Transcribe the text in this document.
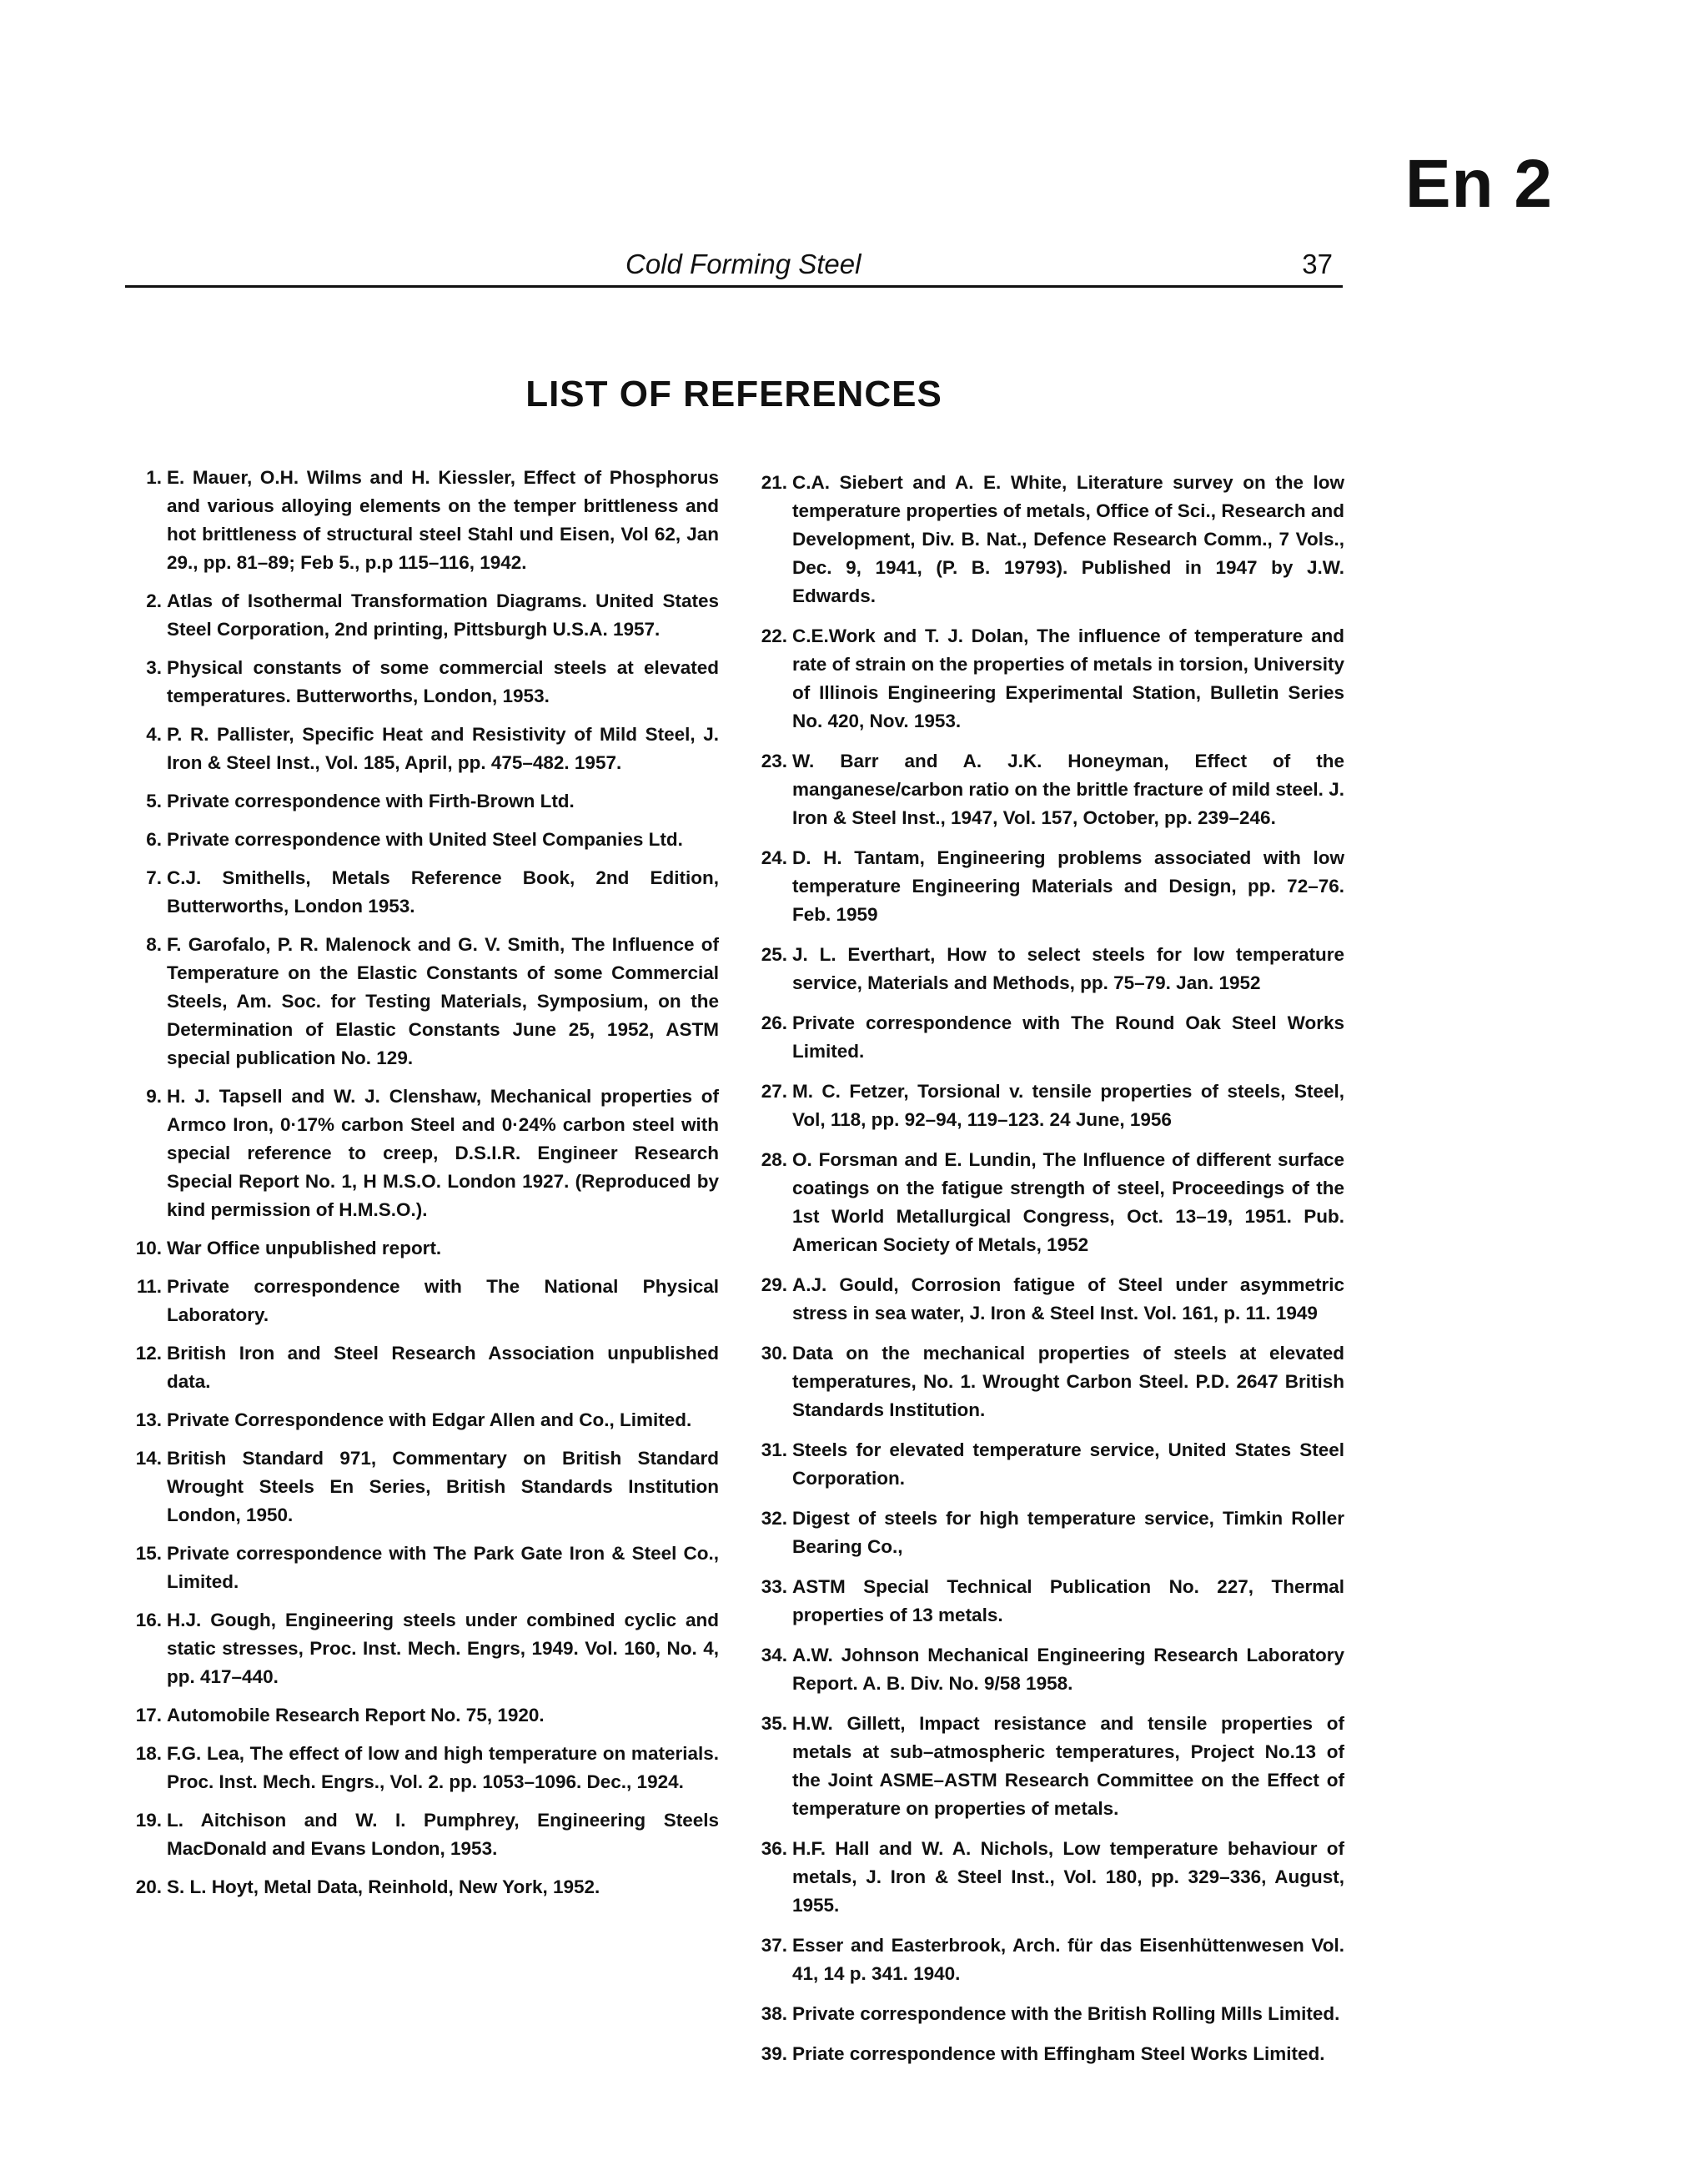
En 2
Cold Forming Steel	37
LIST OF REFERENCES
1. E. Mauer, O.H. Wilms and H. Kiessler, Effect of Phosphorus and various alloying elements on the temper brittleness and hot brittleness of structural steel Stahl und Eisen, Vol 62, Jan 29., pp. 81–89; Feb 5., p.p 115–116, 1942.
2. Atlas of Isothermal Transformation Diagrams. United States Steel Corporation, 2nd printing, Pittsburgh U.S.A. 1957.
3. Physical constants of some commercial steels at elevated temperatures. Butterworths, London, 1953.
4. P. R. Pallister, Specific Heat and Resistivity of Mild Steel, J. Iron & Steel Inst., Vol. 185, April, pp. 475–482. 1957.
5. Private correspondence with Firth-Brown Ltd.
6. Private correspondence with United Steel Companies Ltd.
7. C.J. Smithells, Metals Reference Book, 2nd Edition, Butterworths, London 1953.
8. F. Garofalo, P. R. Malenock and G. V. Smith, The Influence of Temperature on the Elastic Constants of some Commercial Steels, Am. Soc. for Testing Materials, Symposium, on the Determination of Elastic Constants June 25, 1952, ASTM special publication No. 129.
9. H. J. Tapsell and W. J. Clenshaw, Mechanical properties of Armco Iron, 0·17% carbon Steel and 0·24% carbon steel with special reference to creep, D.S.I.R. Engineer Research Special Report No. 1, H M.S.O. London 1927. (Reproduced by kind permission of H.M.S.O.).
10. War Office unpublished report.
11. Private correspondence with The National Physical Laboratory.
12. British Iron and Steel Research Association unpublished data.
13. Private Correspondence with Edgar Allen and Co., Limited.
14. British Standard 971, Commentary on British Standard Wrought Steels En Series, British Standards Institution London, 1950.
15. Private correspondence with The Park Gate Iron & Steel Co., Limited.
16. H.J. Gough, Engineering steels under combined cyclic and static stresses, Proc. Inst. Mech. Engrs, 1949. Vol. 160, No. 4, pp. 417–440.
17. Automobile Research Report No. 75, 1920.
18. F.G. Lea, The effect of low and high temperature on materials. Proc. Inst. Mech. Engrs., Vol. 2. pp. 1053–1096. Dec., 1924.
19. L. Aitchison and W. I. Pumphrey, Engineering Steels MacDonald and Evans London, 1953.
20. S. L. Hoyt, Metal Data, Reinhold, New York, 1952.
21. C.A. Siebert and A. E. White, Literature survey on the low temperature properties of metals, Office of Sci., Research and Development, Div. B. Nat., Defence Research Comm., 7 Vols., Dec. 9, 1941, (P. B. 19793). Published in 1947 by J.W. Edwards.
22. C.E.Work and T. J. Dolan, The influence of temperature and rate of strain on the properties of metals in torsion, University of Illinois Engineering Experimental Station, Bulletin Series No. 420, Nov. 1953.
23. W. Barr and A. J.K. Honeyman, Effect of the manganese/carbon ratio on the brittle fracture of mild steel. J. Iron & Steel Inst., 1947, Vol. 157, October, pp. 239–246.
24. D. H. Tantam, Engineering problems associated with low temperature Engineering Materials and Design, pp. 72–76. Feb. 1959
25. J. L. Everthart, How to select steels for low temperature service, Materials and Methods, pp. 75–79. Jan. 1952
26. Private correspondence with The Round Oak Steel Works Limited.
27. M. C. Fetzer, Torsional v. tensile properties of steels, Steel, Vol, 118, pp. 92–94, 119–123. 24 June, 1956
28. O. Forsman and E. Lundin, The Influence of different surface coatings on the fatigue strength of steel, Proceedings of the 1st World Metallurgical Congress, Oct. 13–19, 1951. Pub. American Society of Metals, 1952
29. A.J. Gould, Corrosion fatigue of Steel under asymmetric stress in sea water, J. Iron & Steel Inst. Vol. 161, p. 11. 1949
30. Data on the mechanical properties of steels at elevated temperatures, No. 1. Wrought Carbon Steel. P.D. 2647 British Standards Institution.
31. Steels for elevated temperature service, United States Steel Corporation.
32. Digest of steels for high temperature service, Timkin Roller Bearing Co.,
33. ASTM Special Technical Publication No. 227, Thermal properties of 13 metals.
34. A.W. Johnson Mechanical Engineering Research Laboratory Report. A. B. Div. No. 9/58 1958.
35. H.W. Gillett, Impact resistance and tensile properties of metals at sub–atmospheric temperatures, Project No.13 of the Joint ASME–ASTM Research Committee on the Effect of temperature on properties of metals.
36. H.F. Hall and W. A. Nichols, Low temperature behaviour of metals, J. Iron & Steel Inst., Vol. 180, pp. 329–336, August, 1955.
37. Esser and Easterbrook, Arch. für das Eisenhüttenwesen Vol. 41, 14 p. 341. 1940.
38. Private correspondence with the British Rolling Mills Limited.
39. Priate correspondence with Effingham Steel Works Limited.
